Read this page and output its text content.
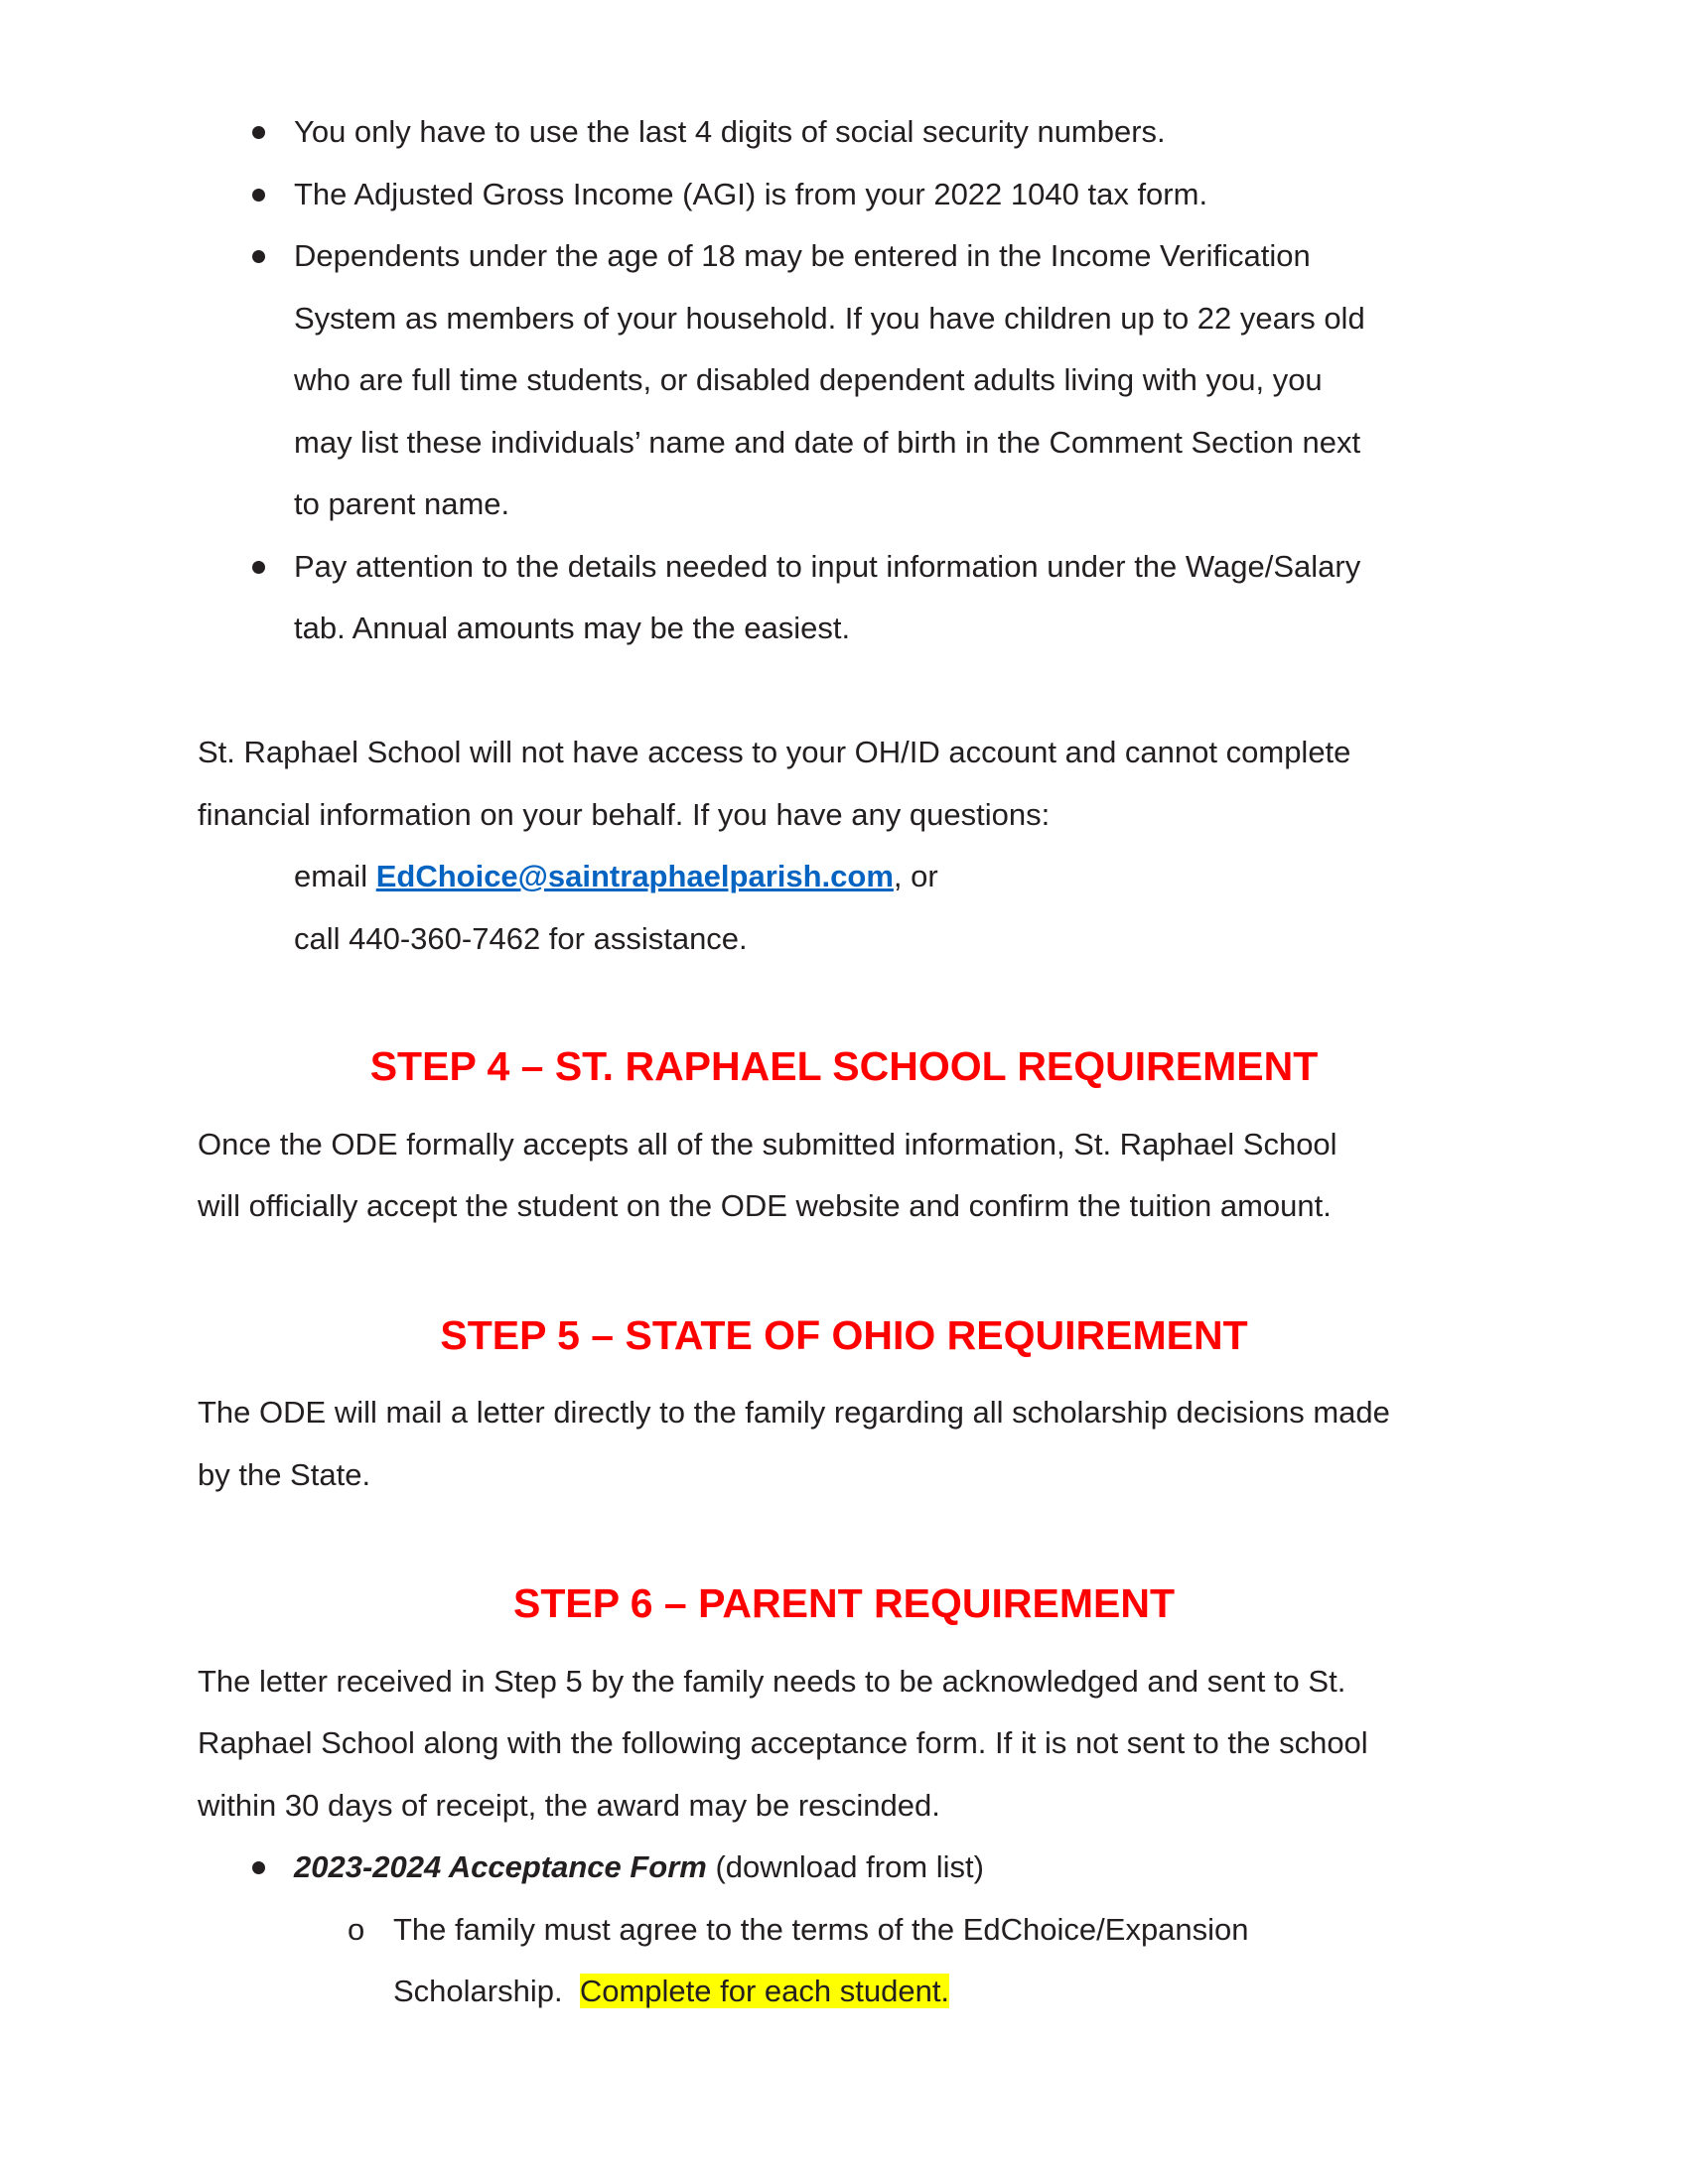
You only have to use the last 4 digits of social security numbers.
The Adjusted Gross Income (AGI) is from your 2022 1040 tax form.
Dependents under the age of 18 may be entered in the Income Verification
System as members of your household. If you have children up to 22 years old
who are full time students, or disabled dependent adults living with you, you
may list these individuals’ name and date of birth in the Comment Section next
to parent name.
Pay attention to the details needed to input information under the Wage/Salary
tab. Annual amounts may be the easiest.
St. Raphael School will not have access to your OH/ID account and cannot complete
financial information on your behalf. If you have any questions:
email EdChoice@saintraphaelparish.com, or
call 440-360-7462 for assistance.
STEP 4 – ST. RAPHAEL SCHOOL REQUIREMENT
Once the ODE formally accepts all of the submitted information, St. Raphael School
will officially accept the student on the ODE website and confirm the tuition amount.
STEP 5 – STATE OF OHIO REQUIREMENT
The ODE will mail a letter directly to the family regarding all scholarship decisions made
by the State.
STEP 6 – PARENT REQUIREMENT
The letter received in Step 5 by the family needs to be acknowledged and sent to St.
Raphael School along with the following acceptance form. If it is not sent to the school
within 30 days of receipt, the award may be rescinded.
2023-2024 Acceptance Form (download from list)
o The family must agree to the terms of the EdChoice/Expansion
Scholarship.  Complete for each student.
